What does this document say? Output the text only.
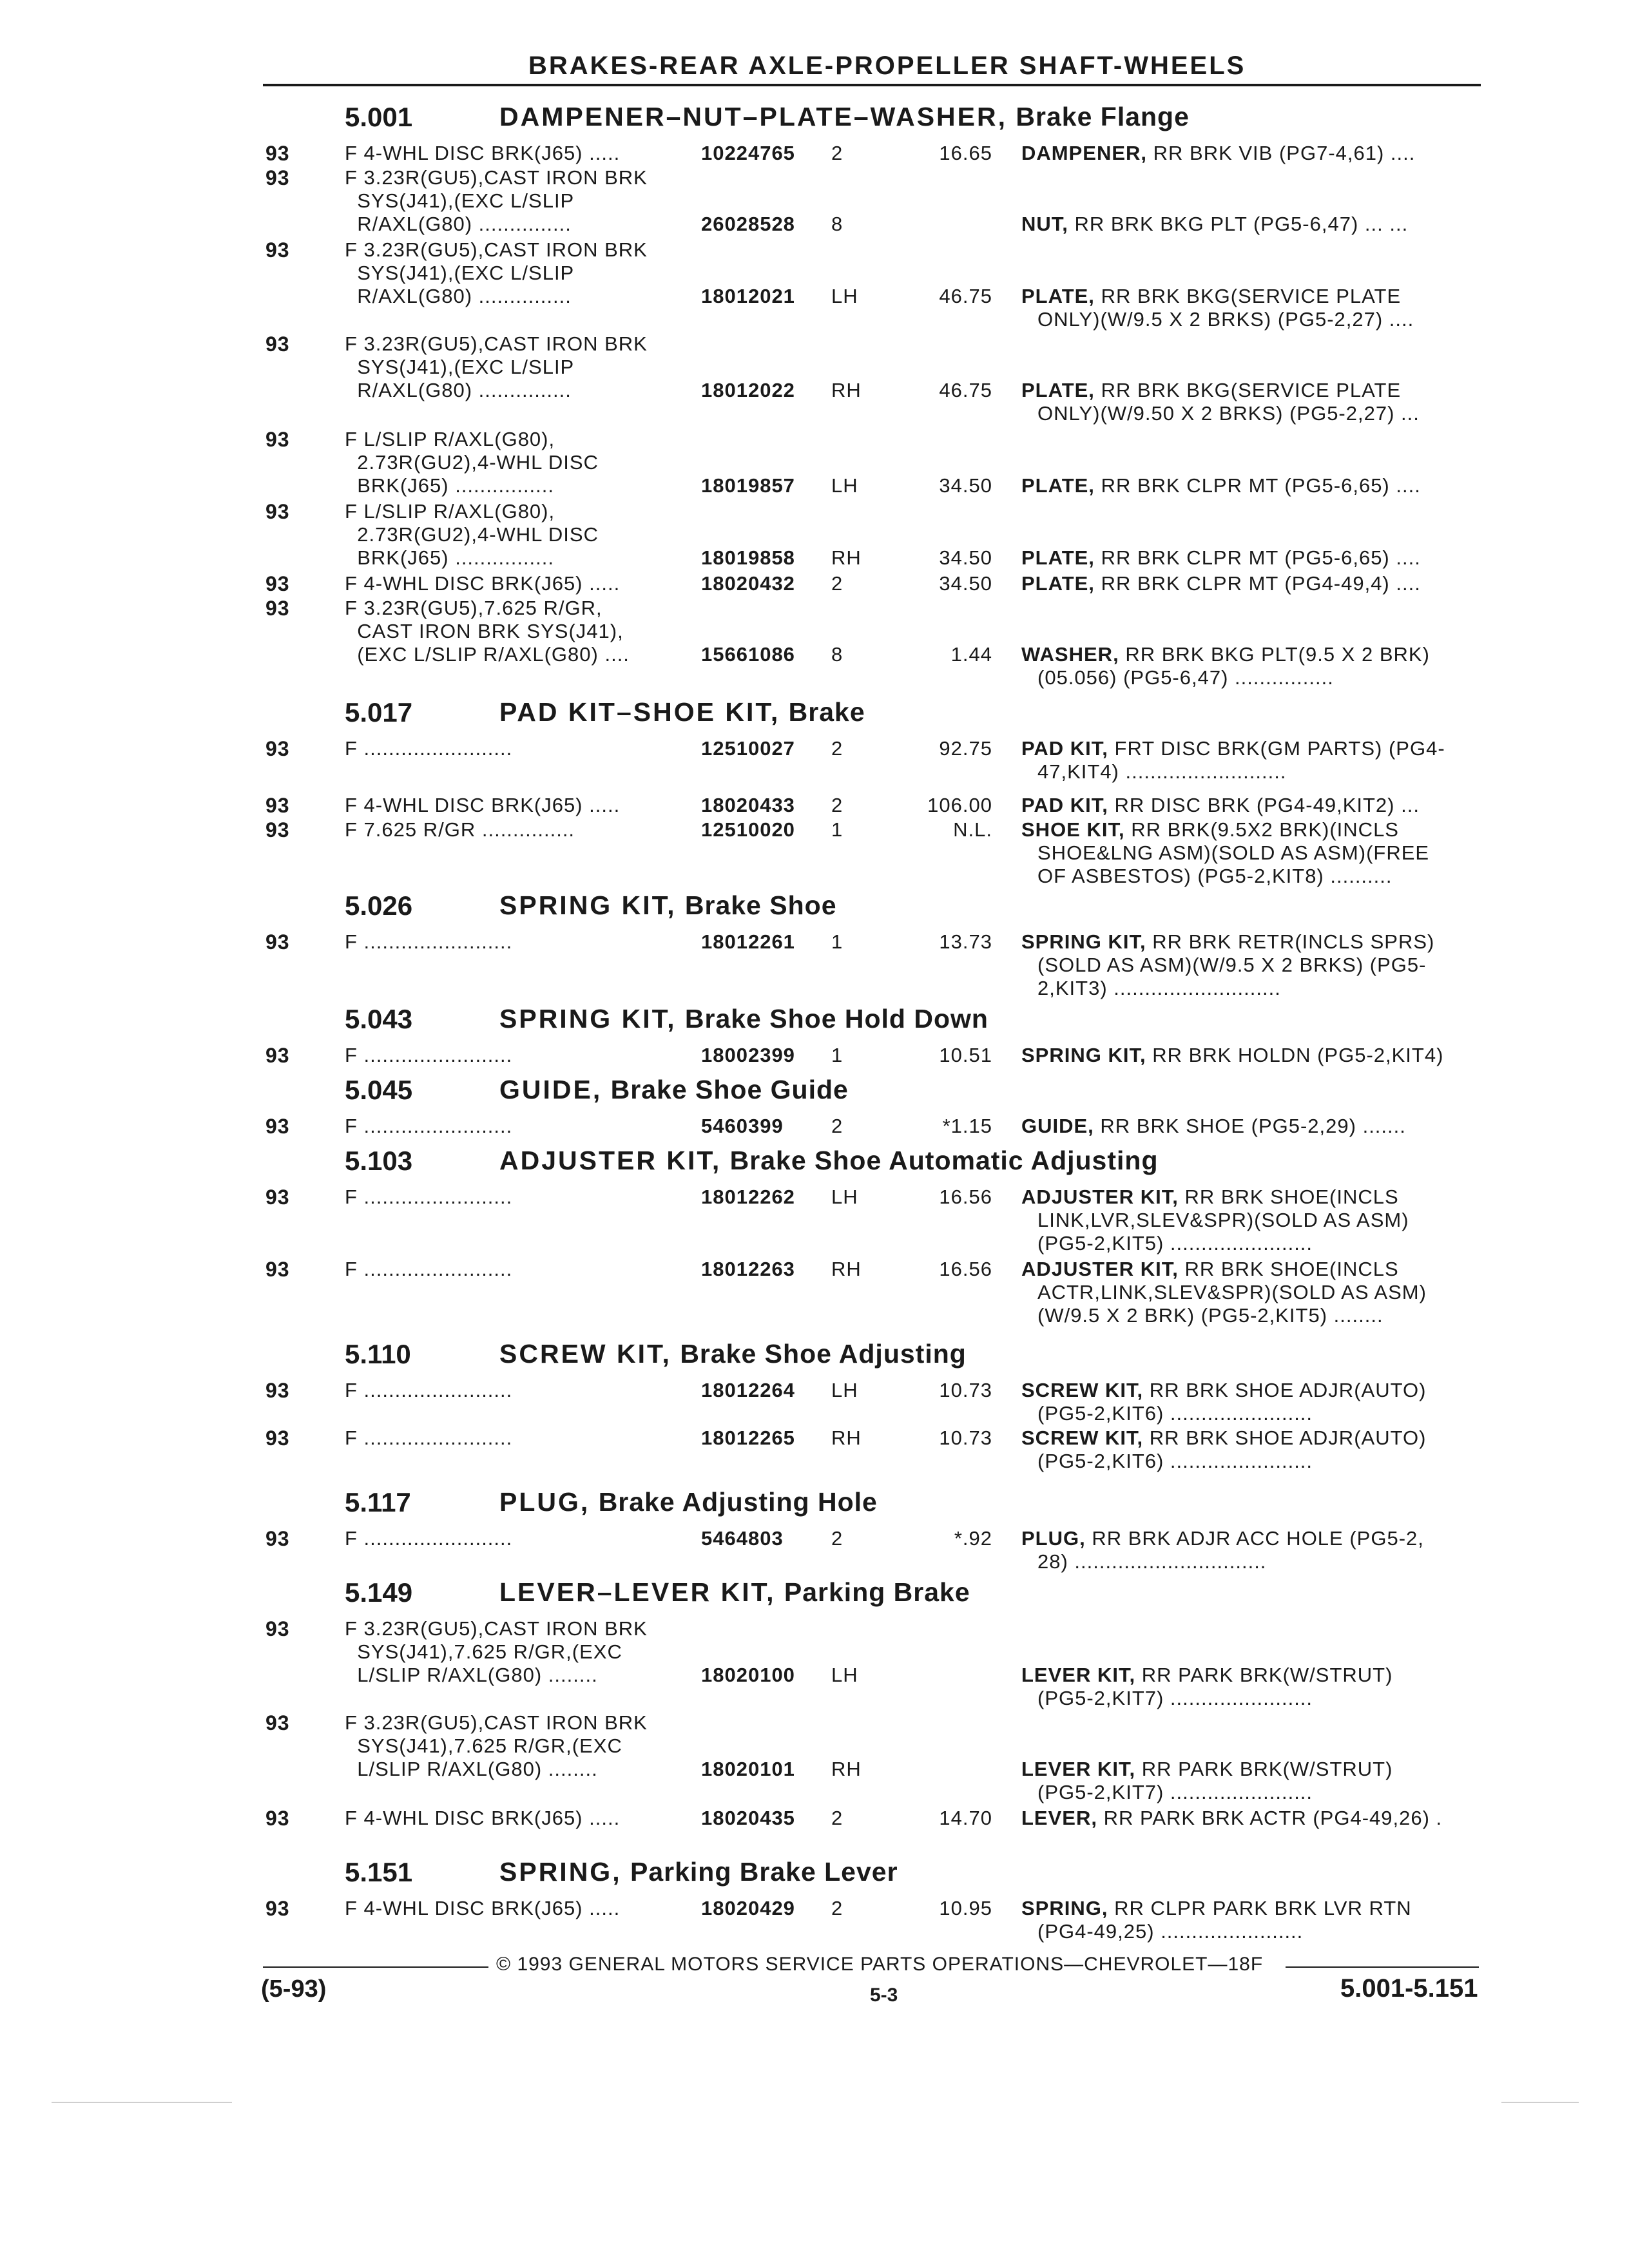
BRAKES-REAR AXLE-PROPELLER SHAFT-WHEELS
5.001	DAMPENER–NUT–PLATE–WASHER, Brake Flange
93	F 4-WHL DISC BRK(J65) .....	10224765 2	16.65 DAMPENER, RR BRK VIB (PG7-4,61) ....
93	F 3.23R(GU5),CAST IRON BRK
SYS(J41),(EXC L/SLIP
R/AXL(G80) ...............	26028528 8	NUT, RR BRK BKG PLT (PG5-6,47) ... ...
93	F 3.23R(GU5),CAST IRON BRK
SYS(J41),(EXC L/SLIP
R/AXL(G80) ...............	18012021 LH	46.75 PLATE, RR BRK BKG(SERVICE PLATE
ONLY)(W/9.5 X 2 BRKS) (PG5-2,27) ....
93	F 3.23R(GU5),CAST IRON BRK
SYS(J41),(EXC L/SLIP
R/AXL(G80) ...............	18012022 RH	46.75 PLATE, RR BRK BKG(SERVICE PLATE
ONLY)(W/9.50 X 2 BRKS) (PG5-2,27) ...
93	F L/SLIP R/AXL(G80),
2.73R(GU2),4-WHL DISC
BRK(J65) ................	18019857 LH	34.50 PLATE, RR BRK CLPR MT (PG5-6,65) ....
93	F L/SLIP R/AXL(G80),
2.73R(GU2),4-WHL DISC
BRK(J65) ................	18019858 RH	34.50 PLATE, RR BRK CLPR MT (PG5-6,65) ....
93	F 4-WHL DISC BRK(J65) .....	18020432 2	34.50 PLATE, RR BRK CLPR MT (PG4-49,4) ....
93	F 3.23R(GU5),7.625 R/GR,
CAST IRON BRK SYS(J41),
(EXC L/SLIP R/AXL(G80) ....	15661086 8	1.44 WASHER, RR BRK BKG PLT(9.5 X 2 BRK)
(05.056) (PG5-6,47) ................
5.017	PAD KIT–SHOE KIT, Brake
93	F ........................	12510027 2	92.75 PAD KIT, FRT DISC BRK(GM PARTS) (PG4-
47,KIT4) ..........................
93	F 4-WHL DISC BRK(J65) .....	18020433 2	106.00 PAD KIT, RR DISC BRK (PG4-49,KIT2) ...
93	F 7.625 R/GR ...............	12510020 1	N.L. SHOE KIT, RR BRK(9.5X2 BRK)(INCLS
SHOE&LNG ASM)(SOLD AS ASM)(FREE
OF ASBESTOS) (PG5-2,KIT8) ..........
5.026	SPRING KIT, Brake Shoe
93	F ........................	18012261 1	13.73 SPRING KIT, RR BRK RETR(INCLS SPRS)
(SOLD AS ASM)(W/9.5 X 2 BRKS) (PG5-
2,KIT3) ...........................
5.043	SPRING KIT, Brake Shoe Hold Down
93	F ........................	18002399 1	10.51 SPRING KIT, RR BRK HOLDN (PG5-2,KIT4)
5.045	GUIDE, Brake Shoe Guide
93	F ........................	5460399 2	*1.15 GUIDE, RR BRK SHOE (PG5-2,29) .......
5.103	ADJUSTER KIT, Brake Shoe Automatic Adjusting
93	F ........................	18012262 LH	16.56 ADJUSTER KIT, RR BRK SHOE(INCLS
LINK,LVR,SLEV&SPR)(SOLD AS ASM)
(PG5-2,KIT5) .......................
93	F ........................	18012263 RH	16.56 ADJUSTER KIT, RR BRK SHOE(INCLS
ACTR,LINK,SLEV&SPR)(SOLD AS ASM)
(W/9.5 X 2 BRK) (PG5-2,KIT5) ........
5.110	SCREW KIT, Brake Shoe Adjusting
93	F ........................	18012264 LH	10.73 SCREW KIT, RR BRK SHOE ADJR(AUTO)
(PG5-2,KIT6) .......................
93	F ........................	18012265 RH	10.73 SCREW KIT, RR BRK SHOE ADJR(AUTO)
(PG5-2,KIT6) .......................
5.117	PLUG, Brake Adjusting Hole
93	F ........................	5464803 2	*.92 PLUG, RR BRK ADJR ACC HOLE (PG5-2,
28) ...............................
5.149	LEVER–LEVER KIT, Parking Brake
93	F 3.23R(GU5),CAST IRON BRK
SYS(J41),7.625 R/GR,(EXC
L/SLIP R/AXL(G80) ........	18020100 LH	LEVER KIT, RR PARK BRK(W/STRUT)
(PG5-2,KIT7) .......................
93	F 3.23R(GU5),CAST IRON BRK
SYS(J41),7.625 R/GR,(EXC
L/SLIP R/AXL(G80) ........	18020101 RH	LEVER KIT, RR PARK BRK(W/STRUT)
(PG5-2,KIT7) .......................
93	F 4-WHL DISC BRK(J65) .....	18020435 2	14.70 LEVER, RR PARK BRK ACTR (PG4-49,26) .
5.151	SPRING, Parking Brake Lever
93	F 4-WHL DISC BRK(J65) .....	18020429 2	10.95 SPRING, RR CLPR PARK BRK LVR RTN
(PG4-49,25) .......................
© 1993 GENERAL MOTORS SERVICE PARTS OPERATIONS—CHEVROLET—18F
(5-93)	5-3	5.001-5.151
